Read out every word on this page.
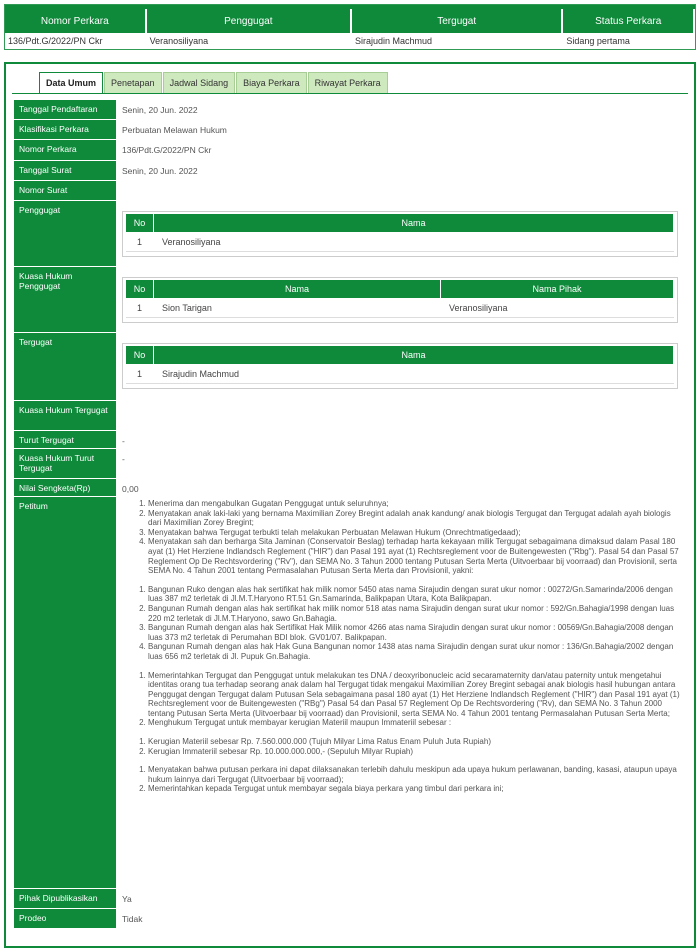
Nomor Perkara	Penggugat	Tergugat	Status Perkara
136/Pdt.G/2022/PN Ckr	Veranosiliyana	Sirajudin Machmud	Sidang pertama
Data Umum	Penetapan	Jadwal Sidang	Biaya Perkara	Riwayat Perkara
Tanggal Pendaftaran	Senin, 20 Jun. 2022
Klasifikasi Perkara	Perbuatan Melawan Hukum
Nomor Perkara	136/Pdt.G/2022/PN Ckr
Tanggal Surat	Senin, 20 Jun. 2022
Nomor Surat
Penggugat
No	Nama
1	Veranosiliyana
Kuasa Hukum Penggugat	No	Nama	Nama Pihak
1	Sion Tarigan	Veranosiliyana
Tergugat
No	Nama
1	Sirajudin Machmud
Kuasa Hukum Tergugat
Turut Tergugat	-
Kuasa Hukum Turut Tergugat
-
Nilai Sengketa(Rp)	0,00
Petitum
1.	Menerima dan mengabulkan Gugatan Penggugat untuk seluruhnya;
2. Menyatakan anak laki-laki yang bernama Maximilian Zorey Bregint adalah anak kandung/ anak biologis Tergugat dan Tergugat adalah ayah biologis dari Maximilian Zorey Bregint;
3. Menyatakan bahwa Tergugat terbukti telah melakukan Perbuatan Melawan Hukum (Onrechtmatigedaad);
4. Menyatakan sah dan berharga Sita Jaminan (Conservatoir Beslag) terhadap harta kekayaan milik Tergugat sebagaimana dimaksud dalam Pasal 180 ayat (1) Het Herziene Indlandsch Reglement ("HIR") dan Pasal 191 ayat (1) Rechtsreglement voor de Buitengewesten ("Rbg"). Pasal 54 dan Pasal 57 Reglement Op De Rechtsvordering ("Rv"), dan SEMA No. 3 Tahun 2000 tentang Putusan Serta Merta (Uitvoerbaar bij voorraad) dan Provisionil, serta SEMA No. 4 Tahun 2001 tentang Permasalahan Putusan Serta Merta dan Provisionil, yakni:
1. Bangunan Ruko dengan alas hak sertifikat hak milik nomor 5450 atas nama Sirajudin dengan surat ukur nomor : 00272/Gn.Samarinda/2006 dengan luas 387 m2 terletak di Jl.M.T.Haryono RT.51 Gn.Samarinda, Balikpapan Utara, Kota Balikpapan.
2. Bangunan Rumah dengan alas hak sertifikat hak milik nomor 518 atas nama Sirajudin dengan surat ukur nomor : 592/Gn.Bahagia/1998 dengan luas 220 m2 terletak di Jl.M.T.Haryono, sawo Gn.Bahagia.
3. Bangunan Rumah dengan alas hak Sertifikat Hak Milik nomor 4266 atas nama Sirajudin dengan surat ukur nomor : 00569/Gn.Bahagia/2008 dengan luas 373 m2 terletak di Perumahan BDI blok. GV01/07. Balikpapan.
4. Bangunan Rumah dengan alas hak Hak Guna Bangunan nomor 1438 atas nama Sirajudin dengan surat ukur nomor : 136/Gn.Bahagia/2002 dengan luas 656 m2 terletak di Jl. Pupuk Gn.Bahagia.
1. Memerintahkan Tergugat dan Penggugat untuk melakukan tes DNA / deoxyribonucleic acid secaramaternity dan/atau paternity untuk mengetahui identitas orang tua terhadap seorang anak dalam hal Tergugat tidak mengakui Maximilian Zorey Bregint sebagai anak biologis hasil hubungan antara Penggugat dengan Tergugat dalam Putusan Sela sebagaimana pasal 180 ayat (1) Het Herziene Indlandsch Reglement ("HIR") dan Pasal 191 ayat (1) Rechtsreglement voor de Buitengewesten ("RBg") Pasal 54 dan Pasal 57 Reglement Op De Rechtsvordering ("Rv), dan SEMA No. 3 Tahun 2000 tentang Putusan Serta Merta (Uitvoerbaar bij voorraad) dan Provisionil, serta SEMA No. 4 Tahun 2001 tentang Permasalahan Putusan Serta Merta;
2. Menghukum Tergugat untuk membayar kerugian Materiil maupun Immateriil sebesar :
1. Kerugian Materiil sebesar Rp. 7.560.000.000 (Tujuh Milyar Lima Ratus Enam Puluh Juta Rupiah)
2. Kerugian Immateriil sebesar Rp. 10.000.000.000,- (Sepuluh Milyar Rupiah)
1. Menyatakan bahwa putusan perkara ini dapat dilaksanakan terlebih dahulu meskipun ada upaya hukum perlawanan, banding, kasasi, ataupun upaya hukum lainnya dari Tergugat (Uitvoerbaar bij voorraad);
2. Memerintahkan kepada Tergugat untuk membayar segala biaya perkara yang timbul dari perkara ini;
Pihak Dipublikasikan	Ya
Prodeo	Tidak
